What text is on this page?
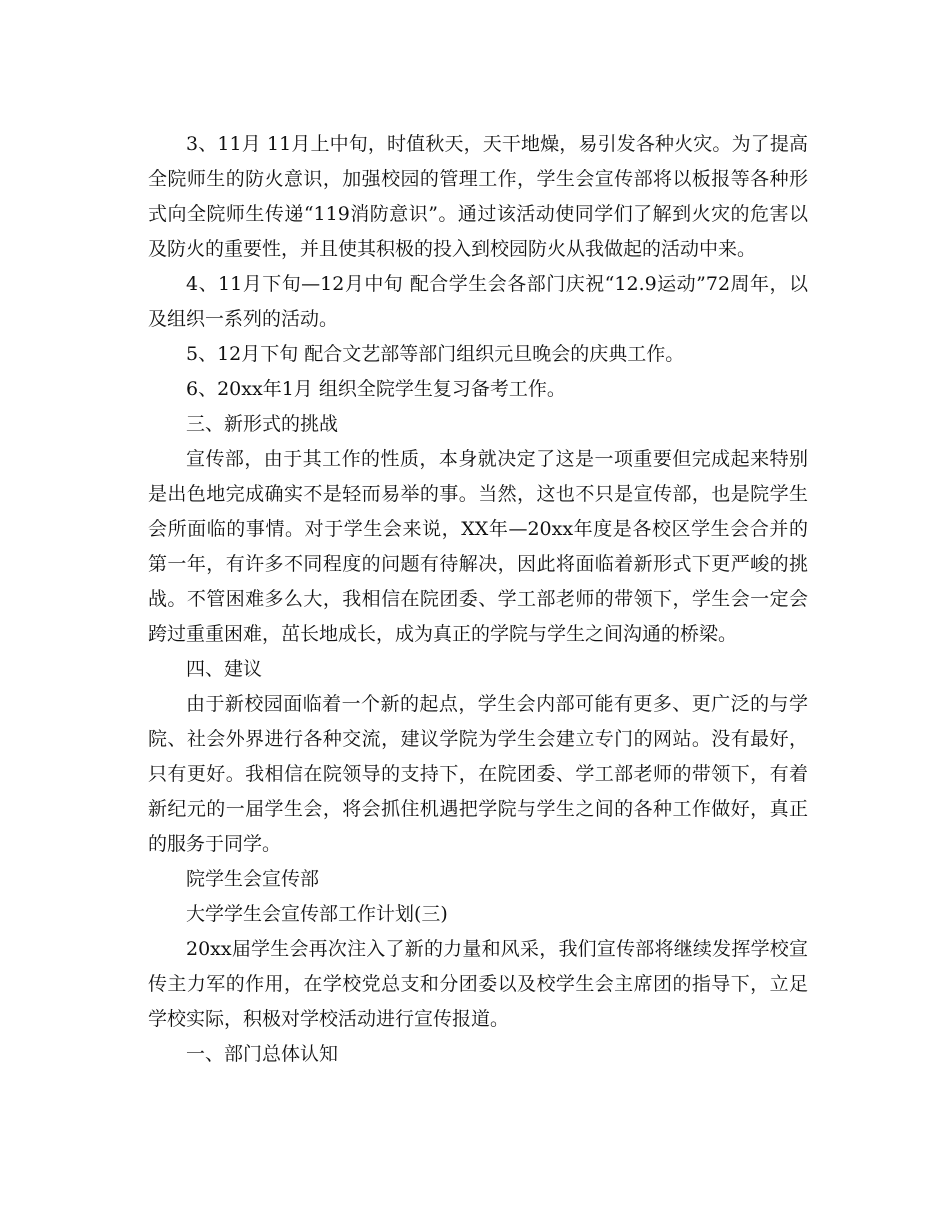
3、11月 11月上中旬，时值秋天，天干地燥，易引发各种火灾。为了提高全院师生的防火意识，加强校园的管理工作，学生会宣传部将以板报等各种形式向全院师生传递“119消防意识”。通过该活动使同学们了解到火灾的危害以及防火的重要性，并且使其积极的投入到校园防火从我做起的活动中来。

4、11月下旬—12月中旬 配合学生会各部门庆祝“12.9运动”72周年，以及组织一系列的活动。

5、12月下旬 配合文艺部等部门组织元旦晚会的庆典工作。

6、20xx年1月 组织全院学生复习备考工作。

三、新形式的挑战

宣传部，由于其工作的性质，本身就决定了这是一项重要但完成起来特别是出色地完成确实不是轻而易举的事。当然，这也不只是宣传部，也是院学生会所面临的事情。对于学生会来说，XX年—20xx年度是各校区学生会合并的第一年，有许多不同程度的问题有待解决，因此将面临着新形式下更严峻的挑战。不管困难多么大，我相信在院团委、学工部老师的带领下，学生会一定会跨过重重困难，茁长地成长，成为真正的学院与学生之间沟通的桥梁。

四、建议

由于新校园面临着一个新的起点，学生会内部可能有更多、更广泛的与学院、社会外界进行各种交流，建议学院为学生会建立专门的网站。没有最好，只有更好。我相信在院领导的支持下，在院团委、学工部老师的带领下，有着新纪元的一届学生会，将会抓住机遇把学院与学生之间的各种工作做好，真正的服务于同学。

院学生会宣传部

大学学生会宣传部工作计划(三)

20xx届学生会再次注入了新的力量和风采，我们宣传部将继续发挥学校宣传主力军的作用，在学校党总支和分团委以及校学生会主席团的指导下，立足学校实际，积极对学校活动进行宣传报道。

一、部门总体认知
